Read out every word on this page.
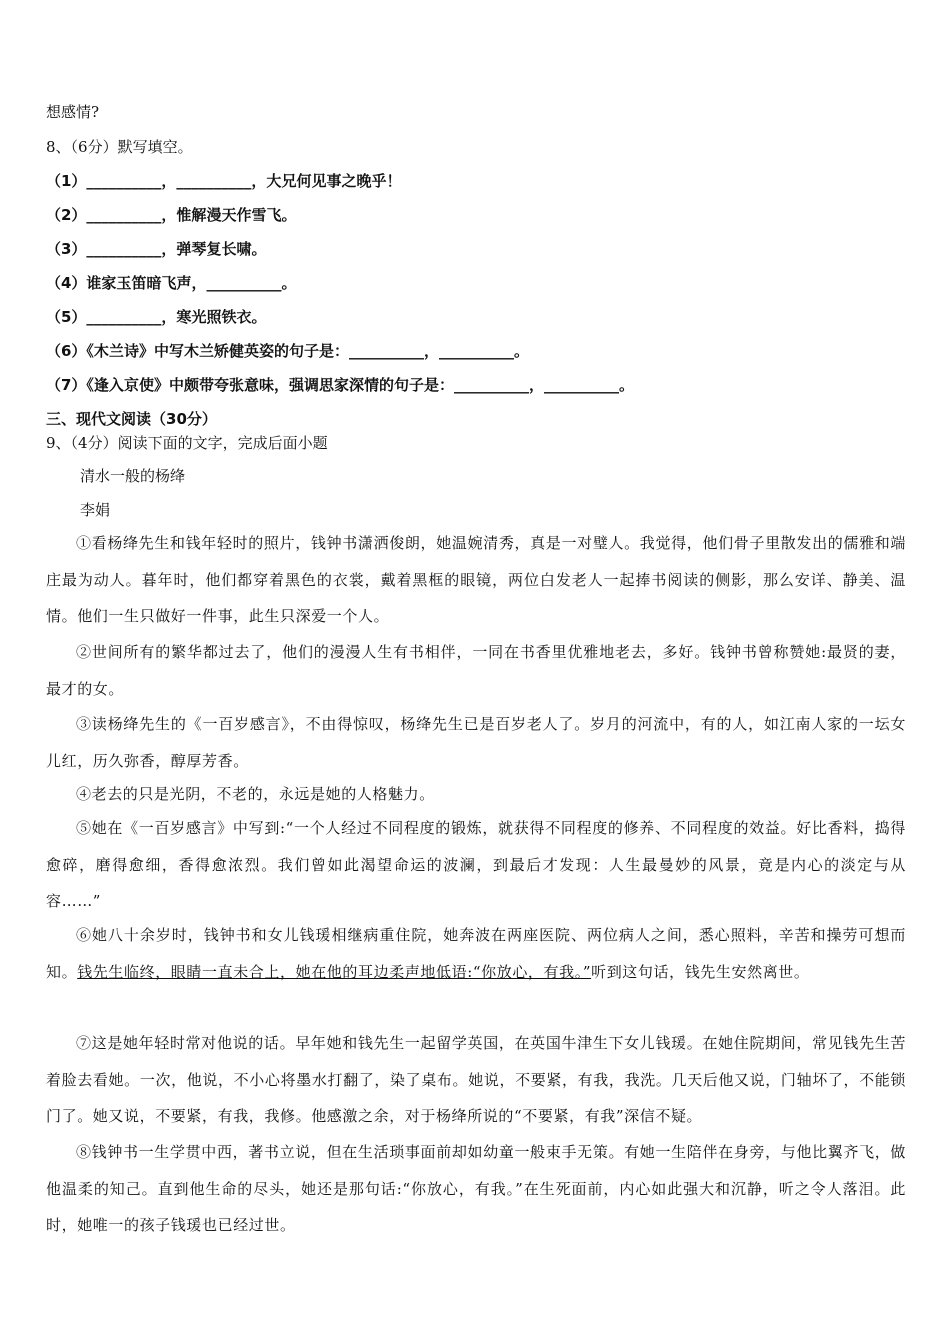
想感情?
8、（6分）默写填空。
（1）__________，__________，大兄何见事之晚乎！
（2）__________，惟解漫天作雪飞。
（3）__________，弹琴复长啸。
（4）谁家玉笛暗飞声，__________。
（5）__________，寒光照铁衣。
（6）《木兰诗》中写木兰矫健英姿的句子是：__________，__________。
（7）《逢入京使》中颇带夸张意味，强调思家深情的句子是：__________，__________。
三、现代文阅读（30分）
9、（4分）阅读下面的文字，完成后面小题
清水一般的杨绛
李娟
①看杨绛先生和钱年轻时的照片，钱钟书潇洒俊朗，她温婉清秀，真是一对璧人。我觉得，他们骨子里散发出的儒雅和端庄最为动人。暮年时，他们都穿着黑色的衣裳，戴着黑框的眼镜，两位白发老人一起捧书阅读的侧影，那么安详、静美、温情。他们一生只做好一件事，此生只深爱一个人。
②世间所有的繁华都过去了，他们的漫漫人生有书相伴，一同在书香里优雅地老去，多好。钱钟书曾称赞她:最贤的妻，最才的女。
③读杨绛先生的《一百岁感言》，不由得惊叹，杨绛先生已是百岁老人了。岁月的河流中，有的人，如江南人家的一坛女儿红，历久弥香，醇厚芳香。
④老去的只是光阴，不老的，永远是她的人格魅力。
⑤她在《一百岁感言》中写到:“一个人经过不同程度的锻炼，就获得不同程度的修养、不同程度的效益。好比香料，捣得愈碎，磨得愈细，香得愈浓烈。我们曾如此渴望命运的波澜，到最后才发现：人生最曼妙的风景，竟是内心的淡定与从容……”
⑥她八十余岁时，钱钟书和女儿钱瑗相继病重住院，她奔波在两座医院、两位病人之间，悉心照料，辛苦和操劳可想而知。钱先生临终，眼睛一直未合上，她在他的耳边柔声地低语:“你放心，有我。”听到这句话，钱先生安然离世。
⑦这是她年轻时常对他说的话。早年她和钱先生一起留学英国，在英国牛津生下女儿钱瑗。在她住院期间，常见钱先生苦着脸去看她。一次，他说，不小心将墨水打翻了，染了桌布。她说，不要紧，有我，我洗。几天后他又说，门轴坏了，不能锁门了。她又说，不要紧，有我，我修。他感激之余，对于杨绛所说的“不要紧，有我”深信不疑。
⑧钱钟书一生学贯中西，著书立说，但在生活琐事面前却如幼童一般束手无策。有她一生陪伴在身旁，与他比翼齐飞，做他温柔的知己。直到他生命的尽头，她还是那句话:“你放心，有我。”在生死面前，内心如此强大和沉静，听之令人落泪。此时，她唯一的孩子钱瑗也已经过世。
